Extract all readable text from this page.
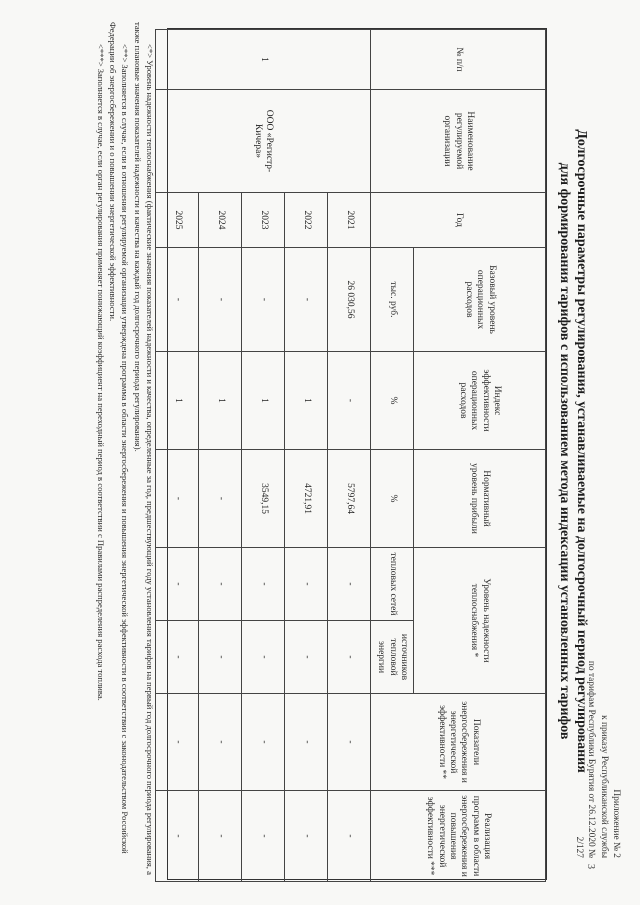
Приложение № 2
к приказу Республиканской службы
по тарифам Республики Бурятия от 26.12.2020 № 2/127
3
Долгосрочные параметры регулирования, устанавливаемые на долгосрочный период регулирования
для формирования тарифов с использованием метода индексации установленных тарифов
№ п/п	Наименование регулируемой организации	Год	Базовый уровень операционных расходов	Индекс эффективности операционных расходов	Нормативный уровень прибыли	Уровень надежности теплоснабжения *		Показатели энергосбережения и энергетической эффективности **	Реализация программ в области энергосбережения и повышения энергетической эффективности ***
			тыс. руб.	%	%	тепловых сетей	источников тепловой энергии		
1	ООО «Регистр-Кичера»	2021	26 030,56	-	5797,64	-	-	-	-
		2022	-	1	4721,91	-	-	-	-
		2023	-	1	3549,15	-	-	-	-
		2024	-	1	-	-	-	-	-
		2025	-	1	-	-	-	-	-

<*> Уровень надежности теплоснабжения (фактические значения показателей надежности и качества, определенные за год, предшествующий году установления тарифов на первый год долгосрочного периода регулирования, а также плановые значения показателей надежности и качества на каждый год долгосрочного периода регулирования).

<**> Заполняется в случае, если в отношении регулируемой организации утверждена программа в области энергосбережения и повышения энергетической эффективности в соответствии с законодательством Российской Федерации об энергосбережении и о повышении энергетической эффективности.

<***> Заполняется в случае, если орган регулирования применяет понижающий коэффициент на переходный период в соответствии с Правилами распределения расхода топлива.
